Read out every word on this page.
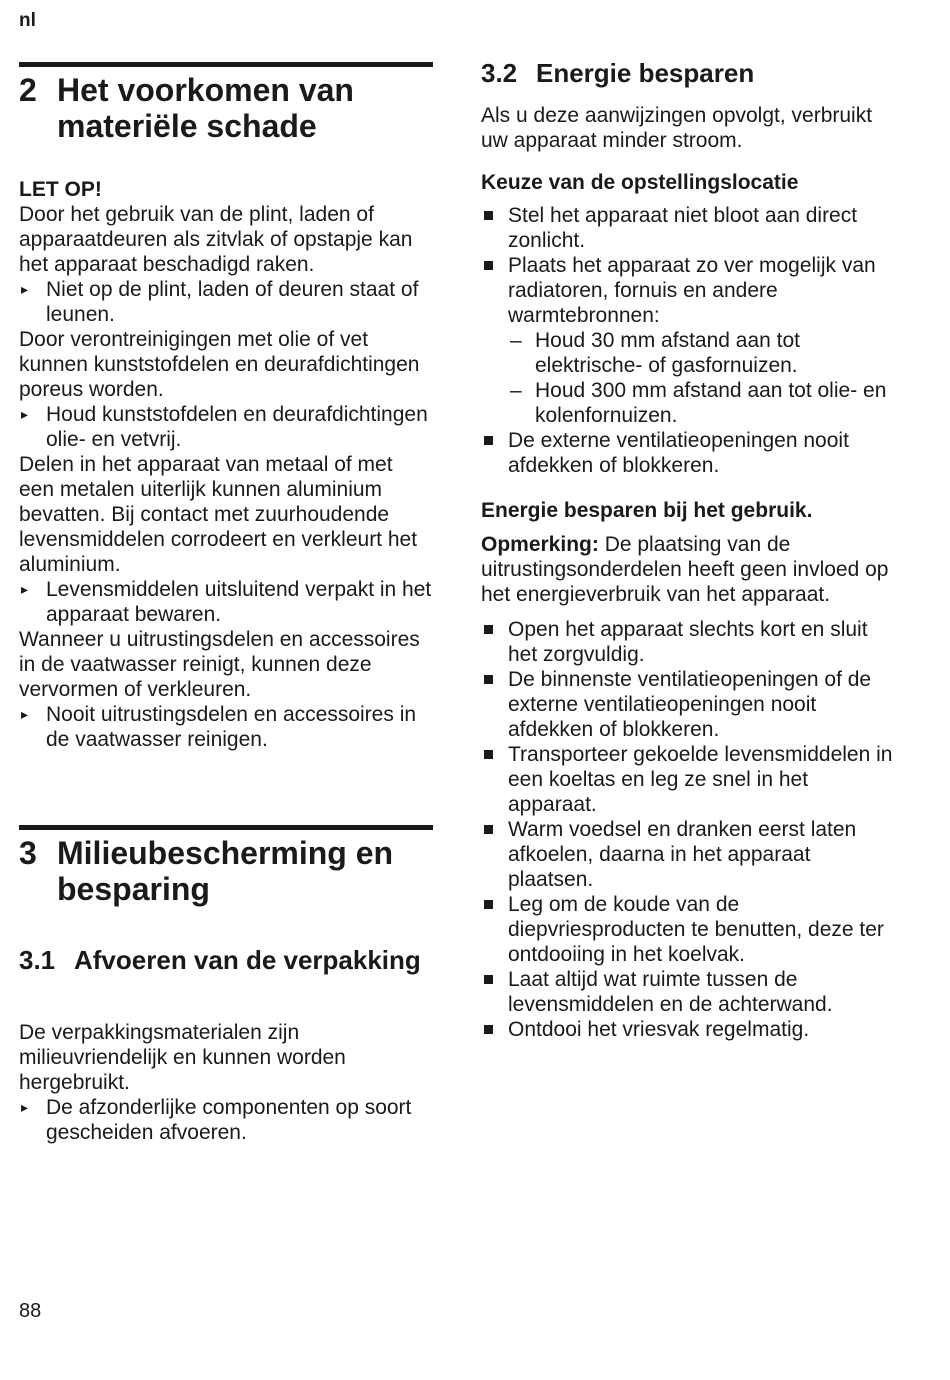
nl
2 Het voorkomen van materiële schade

LET OP!

Door het gebruik van de plint, laden of apparaatdeuren als zitvlak of opstapje kan het apparaat beschadigd raken.

▸ Niet op de plint, laden of deuren staat of leunen.

Door verontreinigingen met olie of vet kunnen kunststofdelen en deurafdichtingen poreus worden.

▸ Houd kunststofdelen en deurafdichtingen olie- en vetvrij.

Delen in het apparaat van metaal of met een metalen uiterlijk kunnen aluminium bevatten. Bij contact met zuurhoudende levensmiddelen corrodeert en verkleurt het aluminium.

▸ Levensmiddelen uitsluitend verpakt in het apparaat bewaren.

Wanneer u uitrustingsdelen en accessoires in de vaatwasser reinigt, kunnen deze vervormen of verkleuren.

▸ Nooit uitrustingsdelen en accessoires in de vaatwasser reinigen.

3 Milieubescherming en besparing
3.1 Afvoeren van de verpakking

De verpakkingsmaterialen zijn milieuvriendelijk en kunnen worden hergebruikt.

▸ De afzonderlijke componenten op soort gescheiden afvoeren.

3.2 Energie besparen

Als u deze aanwijzingen opvolgt, verbruikt uw apparaat minder stroom.

Keuze van de opstellingslocatie

Stel het apparaat niet bloot aan direct zonlicht.

Plaats het apparaat zo ver mogelijk van radiatoren, fornuis en andere warmtebronnen:

– Houd 30 mm afstand aan tot elektrische- of gasfornuizen.

– Houd 300 mm afstand aan tot olie- en kolenfornuizen.

De externe ventilatieopeningen nooit afdekken of blokkeren.

Energie besparen bij het gebruik.

Opmerking: De plaatsing van de uitrustingsonderdelen heeft geen invloed op het energieverbruik van het apparaat.

Open het apparaat slechts kort en sluit het zorgvuldig.

De binnenste ventilatieopeningen of de externe ventilatieopeningen nooit afdekken of blokkeren.

Transporteer gekoelde levensmiddelen in een koeltas en leg ze snel in het apparaat.

Warm voedsel en dranken eerst laten afkoelen, daarna in het apparaat plaatsen.

Leg om de koude van de diepvriesproducten te benutten, deze ter ontdooiing in het koelvak.

Laat altijd wat ruimte tussen de levensmiddelen en de achterwand.

Ontdooi het vriesvak regelmatig.

88
